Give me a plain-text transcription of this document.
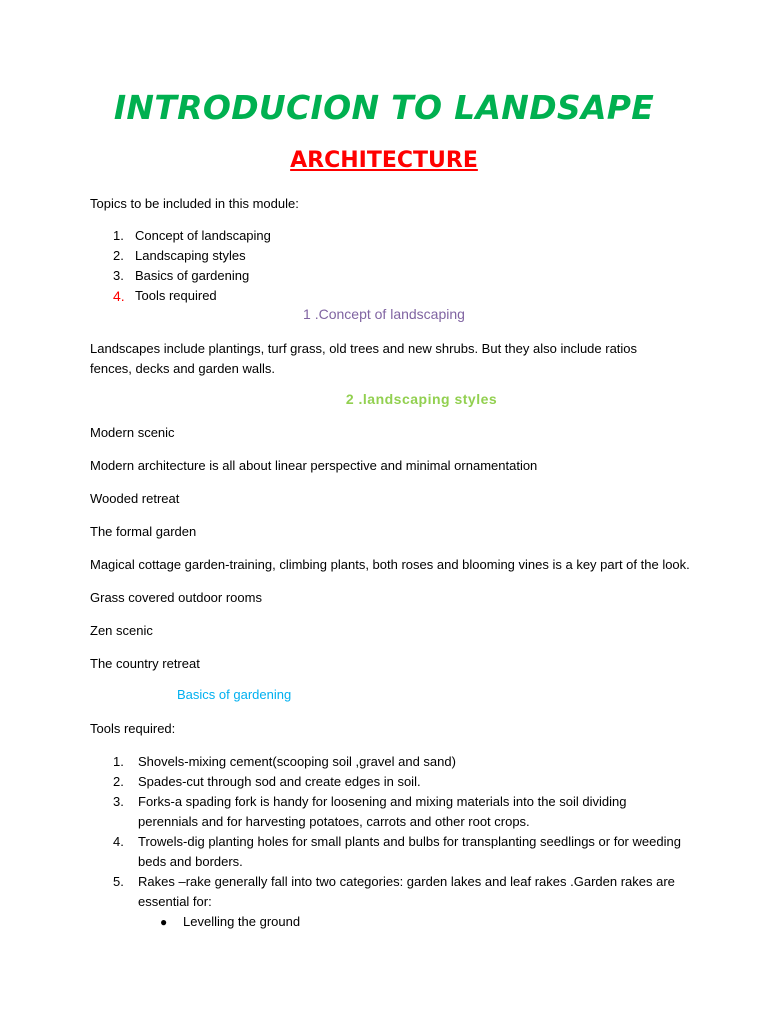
INTRODUCION TO LANDSAPE
ARCHITECTURE
Topics to be included in this module:
1. Concept of landscaping
2. Landscaping styles
3. Basics of gardening
4. Tools required
1 .Concept of landscaping
Landscapes include plantings, turf grass, old trees and new shrubs. But they also include ratios fences, decks and garden walls.
2 .landscaping styles
Modern scenic
Modern architecture is all about linear perspective and minimal ornamentation
Wooded retreat
The formal garden
Magical cottage garden-training, climbing plants, both roses and blooming vines is a key part of the look.
Grass covered outdoor rooms
Zen scenic
The country retreat
Basics of gardening
Tools required:
1.	Shovels-mixing cement(scooping soil ,gravel and sand)
2.	Spades-cut through sod and create edges in soil.
3.	Forks-a spading fork is handy for loosening and mixing materials into the soil dividing perennials and for harvesting potatoes, carrots and other root crops.
4.	Trowels-dig planting holes for small plants and bulbs for transplanting seedlings or for weeding beds and borders.
5.	Rakes –rake generally fall into two categories: garden lakes and leaf rakes .Garden rakes are essential for:
● Levelling the ground
